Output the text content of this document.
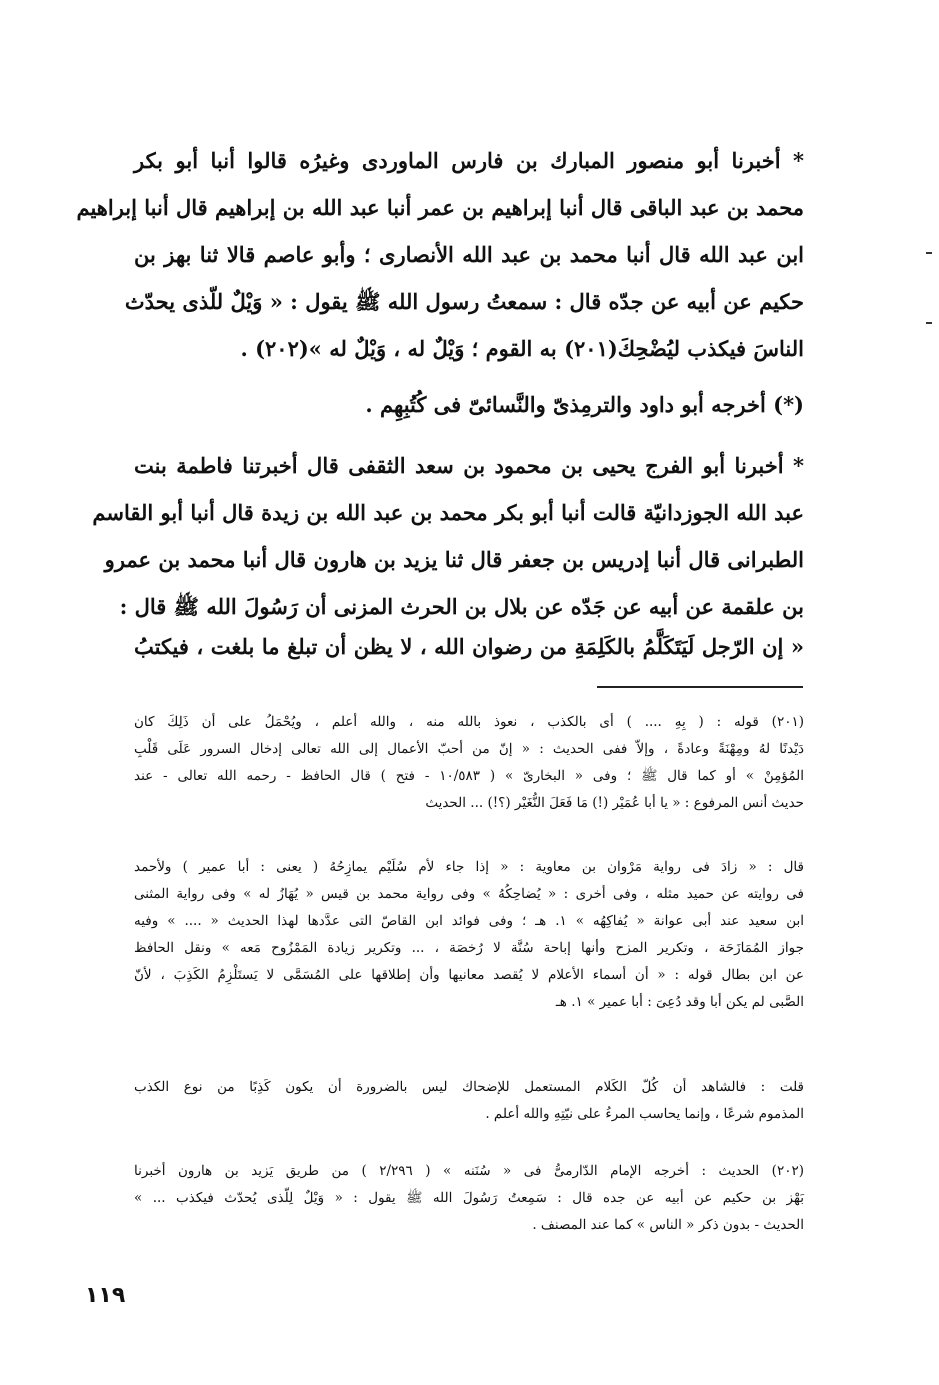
* أخبرنا أبو منصور المبارك بن فارس الماوردى وغيرُه قالوا أنبا أبو بكر
محمد بن عبد الباقى قال أنبا إبراهيم بن عمر أنبا عبد الله بن إبراهيم قال أنبا إبراهيم
ابن عبد الله قال أنبا محمد بن عبد الله الأنصارى ؛ وأبو عاصم قالا ثنا بهز بن
حكيم عن أبيه عن جدّه قال : سمعتُ رسول الله ﷺ يقول : « وَيْلٌ للّذى يحدّث
الناسَ فيكذب ليُضْحِكَ(٢٠١) به القوم ؛ وَيْلٌ له ، وَيْلٌ له »(٢٠٢) .
(*) أخرجه أبو داود والترمِذىّ والنَّسائىّ فى كُتُبِهِم .
* أخبرنا أبو الفرج يحيى بن محمود بن سعد الثقفى قال أخبرتنا فاطمة بنت
عبد الله الجوزدانيّة قالت أنبا أبو بكر محمد بن عبد الله بن زيدة قال أنبا أبو القاسم
الطبرانى قال أنبا إدريس بن جعفر قال ثنا يزيد بن هارون قال أنبا محمد بن عمرو
بن علقمة عن أبيه عن جَدّه عن بلال بن الحرث المزنى أن رَسُولَ الله ﷺ قال :
« إن الرّجل لَيَتَكَلَّمُ بالكَلِمَةِ من رضوان الله ، لا يظن أن تبلغ ما بلغت ، فيكتبُ
(٢٠١) قوله : ( بِهِ .... ) أى بالكذب ، نعوذ بالله منه ، والله أعلم ، ويُحْمَلُ على أن ذَلِكَ كان
دَيْدنًا لهُ ومِهْنَةً وعادةً ، وإلاّ ففى الحديث : « إنّ من أحبّ الأعمال إلى الله تعالى إدخال السرور عَلَى قَلْبِ
المُؤمِنْ » أو كما قال ﷺ ؛ وفى « البخارىّ » ( ١٠/٥٨٣ - فتح ) قال الحافظ - رحمه الله تعالى - عند
حديث أنس المرفوع : « يا أبا عُمَيْر (!) مَا فَعَلَ النُّغَيْر (؟!) ... الحديث
قال : « زادَ فى رواية مَرْوان بن معاوية : « إذا جاء لأم سُلَيْم يمازِحُهُ ( يعنى : أبا عمير ) ولأحمد
فى روايته عن حميد مثله ، وفى أخرى : « يُضاحِكُهُ » وفى رواية محمد بن قيس « يُهَازُ له » وفى رواية المثنى
ابن سعيد عند أبى عوانة « يُفاكِهُه » ١. هـ ؛ وفى فوائد ابن القاصّ التى عدَّدها لهذا الحديث « .... » وفيه
جواز المُمَازَحَة ، وتكرير المزح وأنها إباحة سُنَّة لا رُخصَة ، ... وتكرير زيادة المَمْزُوح مَعه » ونقل الحافظ
عن ابن بطال قوله : « أن أسماء الأعلام لا يُقصد معانيها وأن إطلاقها على المُسَمَّى لا يَستَلْزِمُ الكَذِبَ ، لأنّ
الصَّبى لم يكن أبا وقد دُعِىَ : أبا عمير » ١. هـ
قلت : فالشاهد أن كُلّ الكَلام المستعمل للإضحاك ليس بالضرورة أن يكون كَذِبًا من نوع الكذب
المذموم شرعًا ، وإنما يحاسب المرءُ على نيّتِهِ والله أعلم .
(٢٠٢) الحديث : أخرجه الإمام الدّارمىُّ فى « سُنَنه » ( ٢/٢٩٦ ) من طريق يَزيد بن هارون أخبرنا
بَهْز بن حكيم عن أبيه عن جده قال : سَمِعتُ رَسُولَ الله ﷺ يقول : « وَيْلٌ لِلّذى يُحدّث فيكذب ... »
الحديث - بدون ذكر « الناس » كما عند المصنف .
١١٩
